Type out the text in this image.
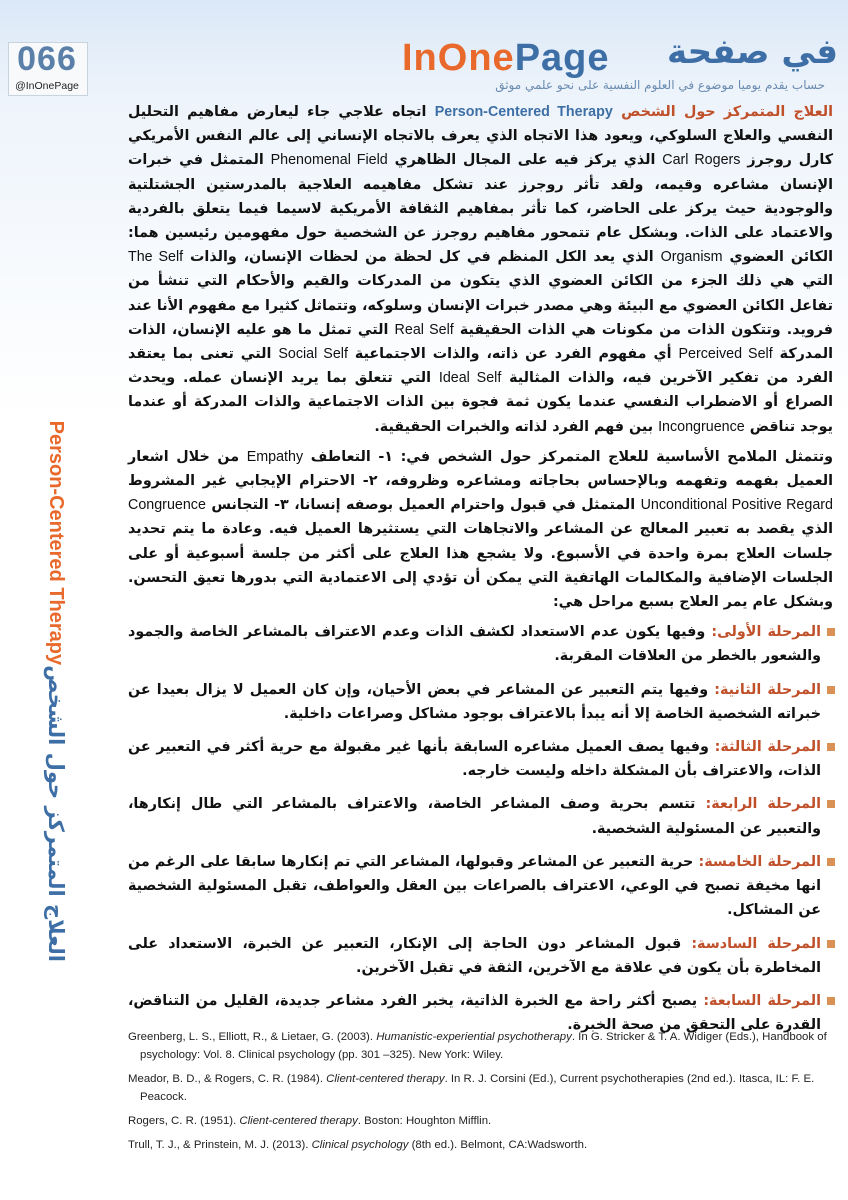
066
@InOnePage
InOnePage	في صفحة
حساب يقدم يوميا موضوع في العلوم النفسية على نحو علمي موثق
العلاج المتمركز حول الشخص
Person-Centered Therapy

العلاج المتمركز حول الشخص Person-Centered Therapy اتجاه علاجي جاء ليعارض مفاهيم التحليل النفسي والعلاج السلوكي، ويعود هذا الاتجاه الذي يعرف بالاتجاه الإنساني إلى عالم النفس الأمريكي كارل روجرز Carl Rogers الذي يركز فيه على المجال الظاهري Phenomenal Field المتمثل في خبرات الإنسان مشاعره وقيمه، ولقد تأثر روجرز عند تشكل مفاهيمه العلاجية بالمدرستين الجشتلتية والوجودية حيث يركز على الحاضر، كما تأثر بمفاهيم الثقافة الأمريكية لاسيما فيما يتعلق بالفردية والاعتماد على الذات. وبشكل عام تتمحور مفاهيم روجرز عن الشخصية حول مفهومين رئيسين هما: الكائن العضوي Organism الذي يعد الكل المنظم في كل لحظة من لحظات الإنسان، والذات The Self التي هي ذلك الجزء من الكائن العضوي الذي يتكون من المدركات والقيم والأحكام التي تنشأ من تفاعل الكائن العضوي مع البيئة وهي مصدر خبرات الإنسان وسلوكه، وتتماثل كثيرا مع مفهوم الأنا عند فرويد. وتتكون الذات من مكونات هي الذات الحقيقية Real Self التي تمثل ما هو عليه الإنسان، الذات المدركة Perceived Self أي مفهوم الفرد عن ذاته، والذات الاجتماعية Social Self التي تعنى بما يعتقد الفرد من تفكير الآخرين فيه، والذات المثالية Ideal Self التي تتعلق بما يريد الإنسان عمله. ويحدث الصراع أو الاضطراب النفسي عندما يكون ثمة فجوة بين الذات الاجتماعية والذات المدركة أو عندما يوجد تناقض Incongruence بين فهم الفرد لذاته والخبرات الحقيقية.

وتتمثل الملامح الأساسية للعلاج المتمركز حول الشخص في: ١- التعاطف Empathy من خلال اشعار العميل بفهمه وتفهمه وبالإحساس بحاجاته ومشاعره وظروفه، ٢- الاحترام الإيجابي غير المشروط Unconditional Positive Regard المتمثل في قبول واحترام العميل بوصفه إنسانا، ٣- التجانس Congruence الذي يقصد به تعبير المعالج عن المشاعر والاتجاهات التي يستثيرها العميل فيه. وعادة ما يتم تحديد جلسات العلاج بمرة واحدة في الأسبوع. ولا يشجع هذا العلاج على أكثر من جلسة أسبوعية أو على الجلسات الإضافية والمكالمات الهاتفية التي يمكن أن تؤدي إلى الاعتمادية التي بدورها تعيق التحسن. وبشكل عام يمر العلاج بسبع مراحل هي:

المرحلة الأولى: وفيها يكون عدم الاستعداد لكشف الذات وعدم الاعتراف بالمشاعر الخاصة والجمود والشعور بالخطر من العلاقات المقربة.

المرحلة الثانية: وفيها يتم التعبير عن المشاعر في بعض الأحيان، وإن كان العميل لا يزال بعيدا عن خبراته الشخصية الخاصة إلا أنه يبدأ بالاعتراف بوجود مشاكل وصراعات داخلية.

المرحلة الثالثة: وفيها يصف العميل مشاعره السابقة بأنها غير مقبولة مع حرية أكثر في التعبير عن الذات، والاعتراف بأن المشكلة داخله وليست خارجه.

المرحلة الرابعة: تتسم بحرية وصف المشاعر الخاصة، والاعتراف بالمشاعر التي طال إنكارها، والتعبير عن المسئولية الشخصية.

المرحلة الخامسة: حرية التعبير عن المشاعر وقبولها، المشاعر التي تم إنكارها سابقا على الرغم من انها مخيفة تصبح في الوعي، الاعتراف بالصراعات بين العقل والعواطف، تقبل المسئولية الشخصية عن المشاكل.

المرحلة السادسة: قبول المشاعر دون الحاجة إلى الإنكار، التعبير عن الخبرة، الاستعداد على المخاطرة بأن يكون في علاقة مع الآخرين، الثقة في تقبل الآخرين.

المرحلة السابعة: يصبح أكثر راحة مع الخبرة الذاتية، يخبر الفرد مشاعر جديدة، القليل من التناقض، القدرة على التحقق من صحة الخبرة.

Greenberg, L. S., Elliott, R., & Lietaer, G. (2003). Humanistic-experiential psychotherapy. In G. Stricker & T. A. Widiger (Eds.), Handbook of psychology: Vol. 8. Clinical psychology (pp. 301 –325). New York: Wiley.

Meador, B. D., & Rogers, C. R. (1984). Client-centered therapy. In R. J. Corsini (Ed.), Current psychotherapies (2nd ed.). Itasca, IL: F. E. Peacock.

Rogers, C. R. (1951). Client-centered therapy. Boston: Houghton Mifflin.

Trull, T. J., & Prinstein, M. J. (2013). Clinical psychology (8th ed.). Belmont, CA:Wadsworth.
